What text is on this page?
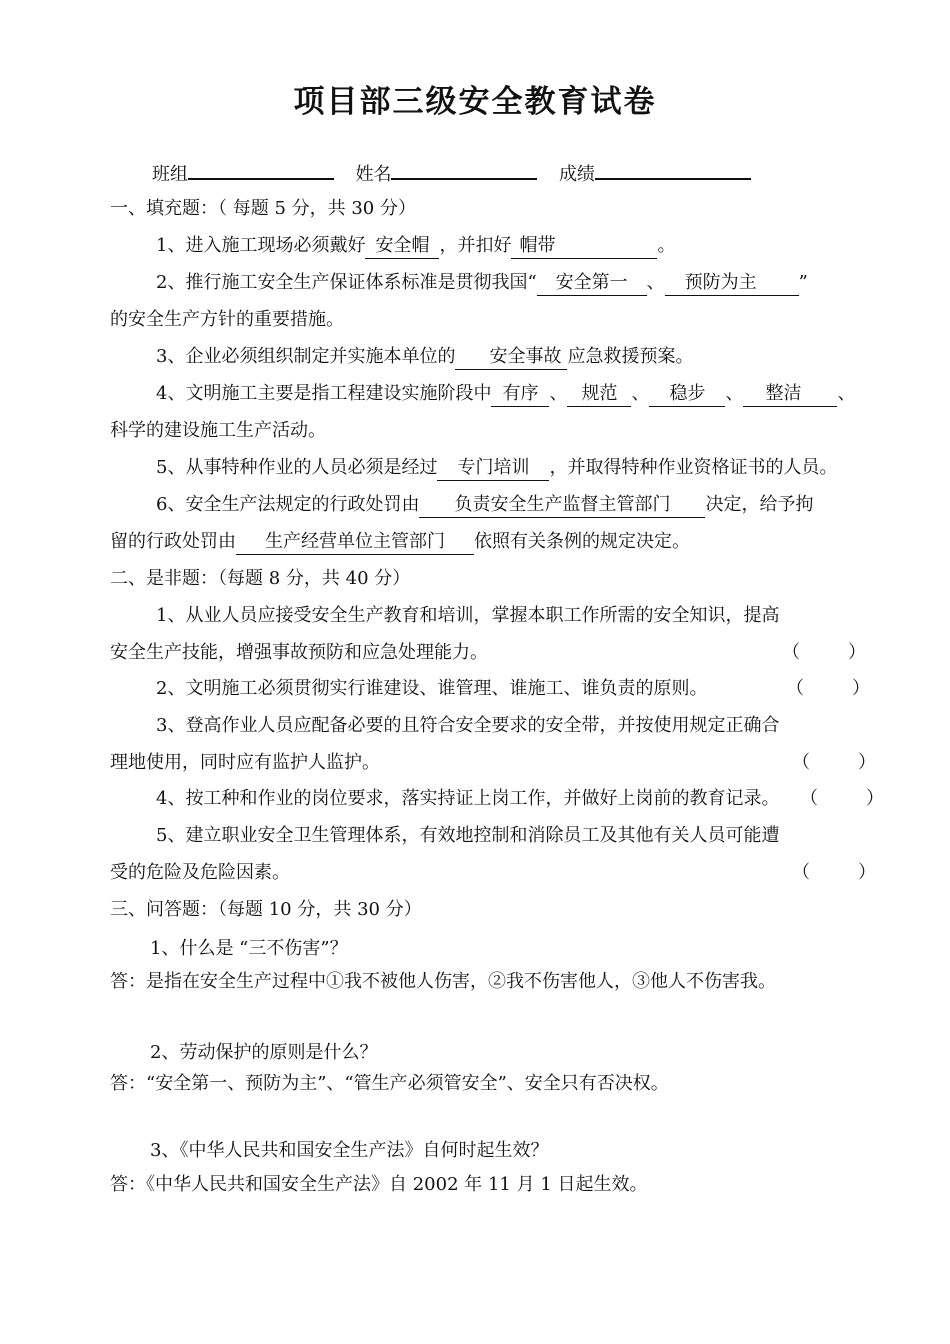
项目部三级安全教育试卷
班组	姓名	成绩
一、填充题：（ 每题 5 分，共 30 分）
1、进入施工现场必须戴好 安全帽 ，并扣好 帽带	。
2、推行施工安全生产保证体系标准是贯彻我国“ 安全第一 、 预防为主 ”
的安全生产方针的重要措施。
3、企业必须组织制定并实施本单位的 安全事故 应急救援预案。
4、文明施工主要是指工程建设实施阶段中 有序 、 规范 、 稳步 、 整洁 、
科学的建设施工生产活动。
5、从事特种作业的人员必须是经过 专门培训 ，并取得特种作业资格证书的人员。
6、安全生产法规定的行政处罚由 负责安全生产监督主管部门 决定，给予拘
留的行政处罚由 生产经营单位主管部门 依照有关条例的规定决定。
二、是非题：（每题 8 分，共 40 分）
1、从业人员应接受安全生产教育和培训，掌握本职工作所需的安全知识，提高
安全生产技能，增强事故预防和应急处理能力。	（	）
2、文明施工必须贯彻实行谁建设、谁管理、谁施工、谁负责的原则。	（	）
3、登高作业人员应配备必要的且符合安全要求的安全带，并按使用规定正确合
理地使用，同时应有监护人监护。	（	）
4、按工种和作业的岗位要求，落实持证上岗工作，并做好上岗前的教育记录。 （	）
5、建立职业安全卫生管理体系，有效地控制和消除员工及其他有关人员可能遭
受的危险及危险因素。	（	）
三、问答题：（每题 10 分，共 30 分）
1、什么是 “三不伤害”？
答：是指在安全生产过程中①我不被他人伤害，②我不伤害他人，③他人不伤害我。
2、劳动保护的原则是什么？
答：“安全第一、预防为主”、“管生产必须管安全”、安全只有否决权。
3、《中华人民共和国安全生产法》自何时起生效？
答：《中华人民共和国安全生产法》自 2002 年 11 月 1 日起生效。
